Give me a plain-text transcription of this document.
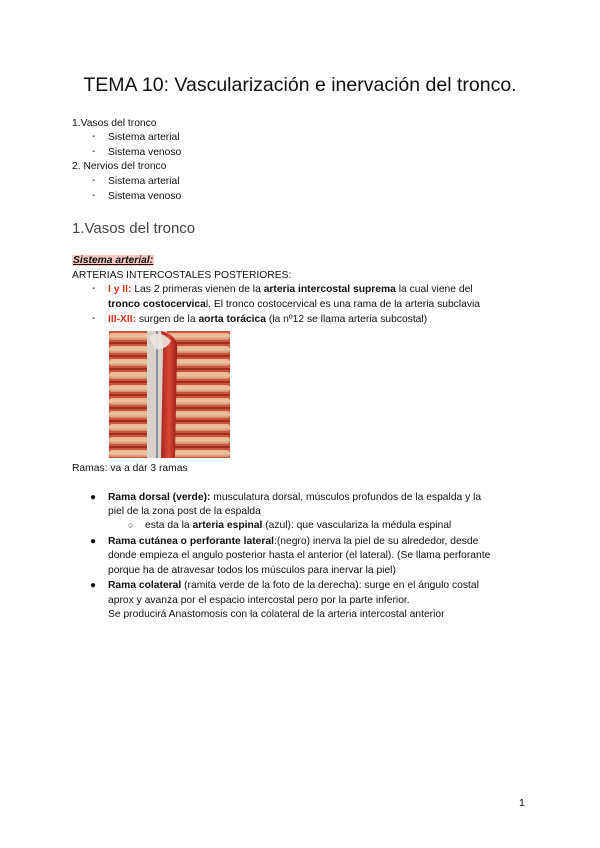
TEMA 10: Vascularización e inervación del tronco.
1.Vasos del tronco
- Sistema arterial
- Sistema venoso
2. Nervios del tronco
- Sistema arterial
- Sistema venoso
1.Vasos del tronco
Sistema arterial:
ARTERIAS INTERCOSTALES POSTERIORES:
- I y II: Las 2 primeras vienen de la arteria intercostal suprema la cual viene del
tronco costocervical. El tronco costocervical es una rama de la arteria subclavia
- III-XII: surgen de la aorta torácica (la nº12 se llama arteria subcostal)
Ramas: va a dar 3 ramas
● Rama dorsal (verde): musculatura dorsal, músculos profundos de la espalda y la
piel de la zona post de la espalda
○ esta da la arteria espinal (azul): que vasculariza la médula espinal
● Rama cutánea o perforante lateral:(negro) inerva la piel de su alrededor, desde
donde empieza el angulo posterior hasta el anterior (el lateral). (Se llama perforante
porque ha de atravesar todos los músculos para inervar la piel)
● Rama colateral (ramita verde de la foto de la derecha): surge en el ángulo costal
aprox y avanza por el espacio intercostal pero por la parte inferior.
Se producirá Anastomosis con la colateral de la arteria intercostal anterior
1
